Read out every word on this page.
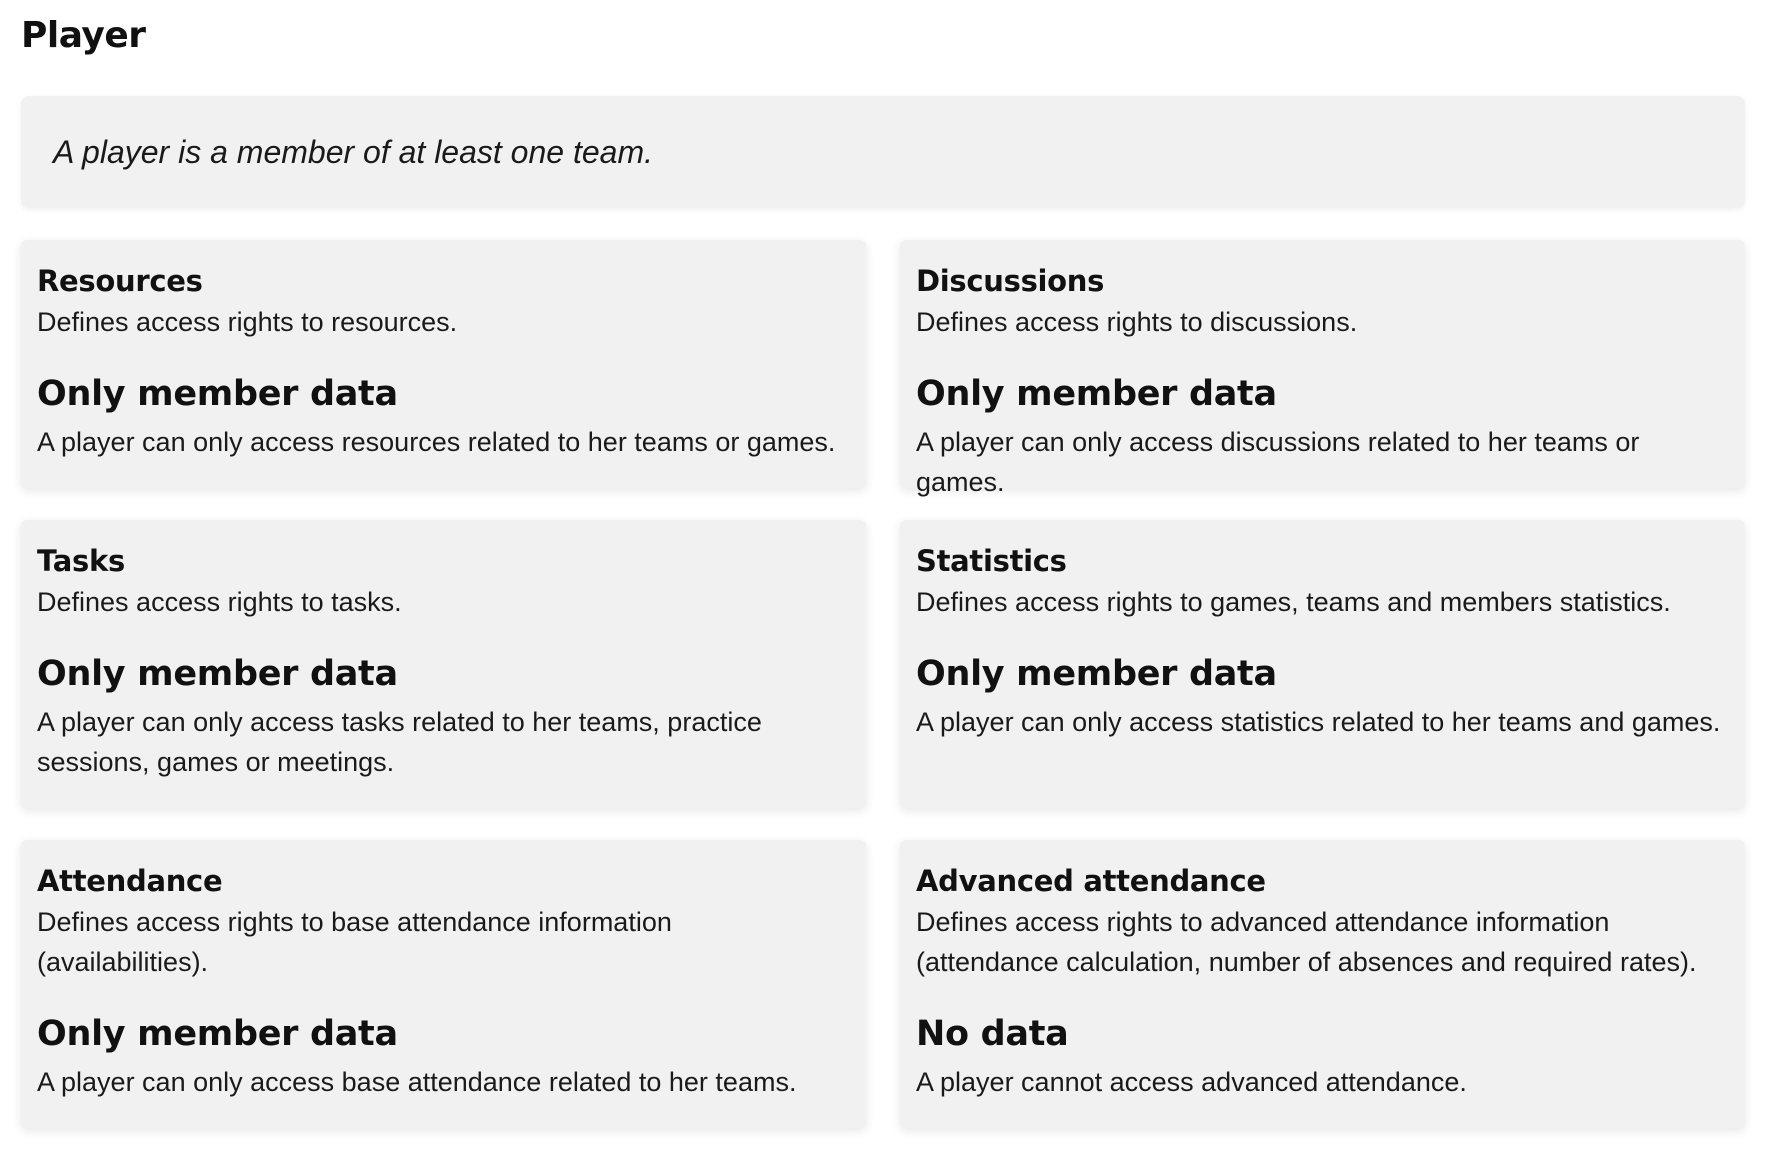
Player

A player is a member of at least one team.

Resources
Defines access rights to resources.
Only member data
A player can only access resources related to her teams or games.
Discussions
Defines access rights to discussions.
Only member data
A player can only access discussions related to her teams or games.
Tasks
Defines access rights to tasks.
Only member data
A player can only access tasks related to her teams, practice sessions, games or meetings.
Statistics
Defines access rights to games, teams and members statistics.
Only member data
A player can only access statistics related to her teams and games.
Attendance
Defines access rights to base attendance information (availabilities).
Only member data
A player can only access base attendance related to her teams.
Advanced attendance
Defines access rights to advanced attendance information (attendance calculation, number of absences and required rates).
No data
A player cannot access advanced attendance.
